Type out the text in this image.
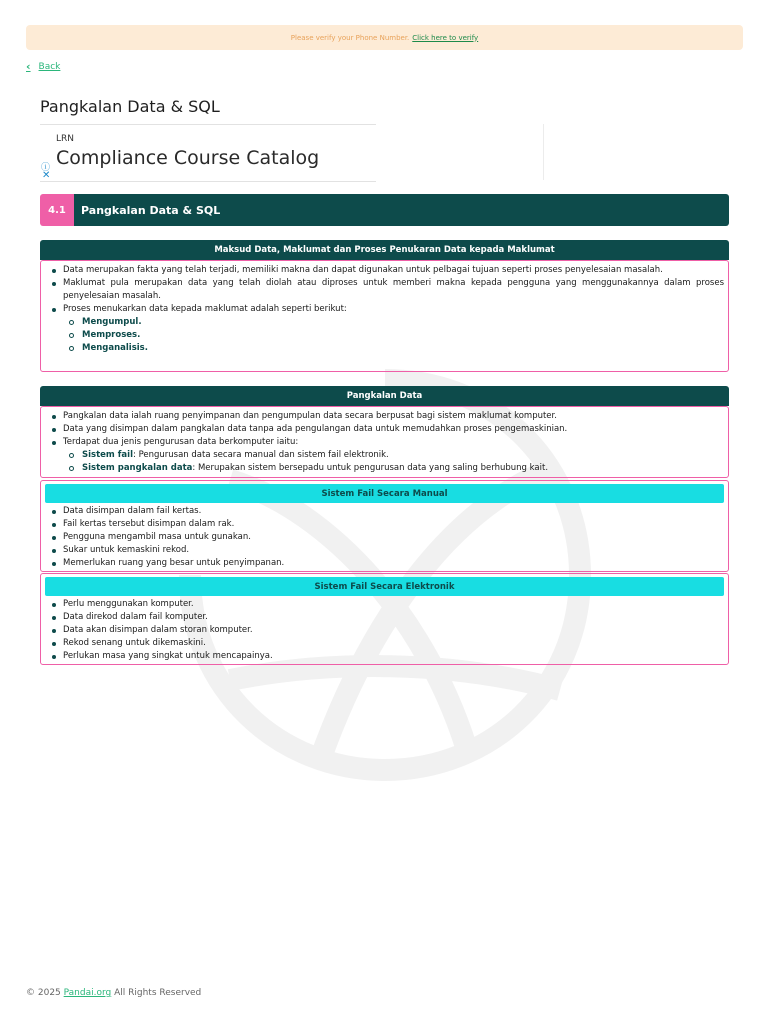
Please verify your Phone Number. Click here to verify
‹ Back
Pangkalan Data & SQL
LRN
Compliance Course Catalog
ⓘ
✕
4.1	Pangkalan Data & SQL
Maksud Data, Maklumat dan Proses Penukaran Data kepada Maklumat
Data merupakan fakta yang telah terjadi, memiliki makna dan dapat digunakan untuk pelbagai tujuan seperti proses penyelesaian masalah.
Maklumat pula merupakan data yang telah diolah atau diproses untuk memberi makna kepada pengguna yang menggunakannya dalam proses penyelesaian masalah.
Proses menukarkan data kepada maklumat adalah seperti berikut:
Mengumpul.
Memproses.
Menganalisis.
Pangkalan Data
Pangkalan data ialah ruang penyimpanan dan pengumpulan data secara berpusat bagi sistem maklumat komputer.
Data yang disimpan dalam pangkalan data tanpa ada pengulangan data untuk memudahkan proses pengemaskinian.
Terdapat dua jenis pengurusan data berkomputer iaitu:
Sistem fail: Pengurusan data secara manual dan sistem fail elektronik.
Sistem pangkalan data: Merupakan sistem bersepadu untuk pengurusan data yang saling berhubung kait.
Sistem Fail Secara Manual
Data disimpan dalam fail kertas.
Fail kertas tersebut disimpan dalam rak.
Pengguna mengambil masa untuk gunakan.
Sukar untuk kemaskini rekod.
Memerlukan ruang yang besar untuk penyimpanan.
Sistem Fail Secara Elektronik
Perlu menggunakan komputer.
Data direkod dalam fail komputer.
Data akan disimpan dalam storan komputer.
Rekod senang untuk dikemaskini.
Perlukan masa yang singkat untuk mencapainya.
© 2025 Pandai.org All Rights Reserved
